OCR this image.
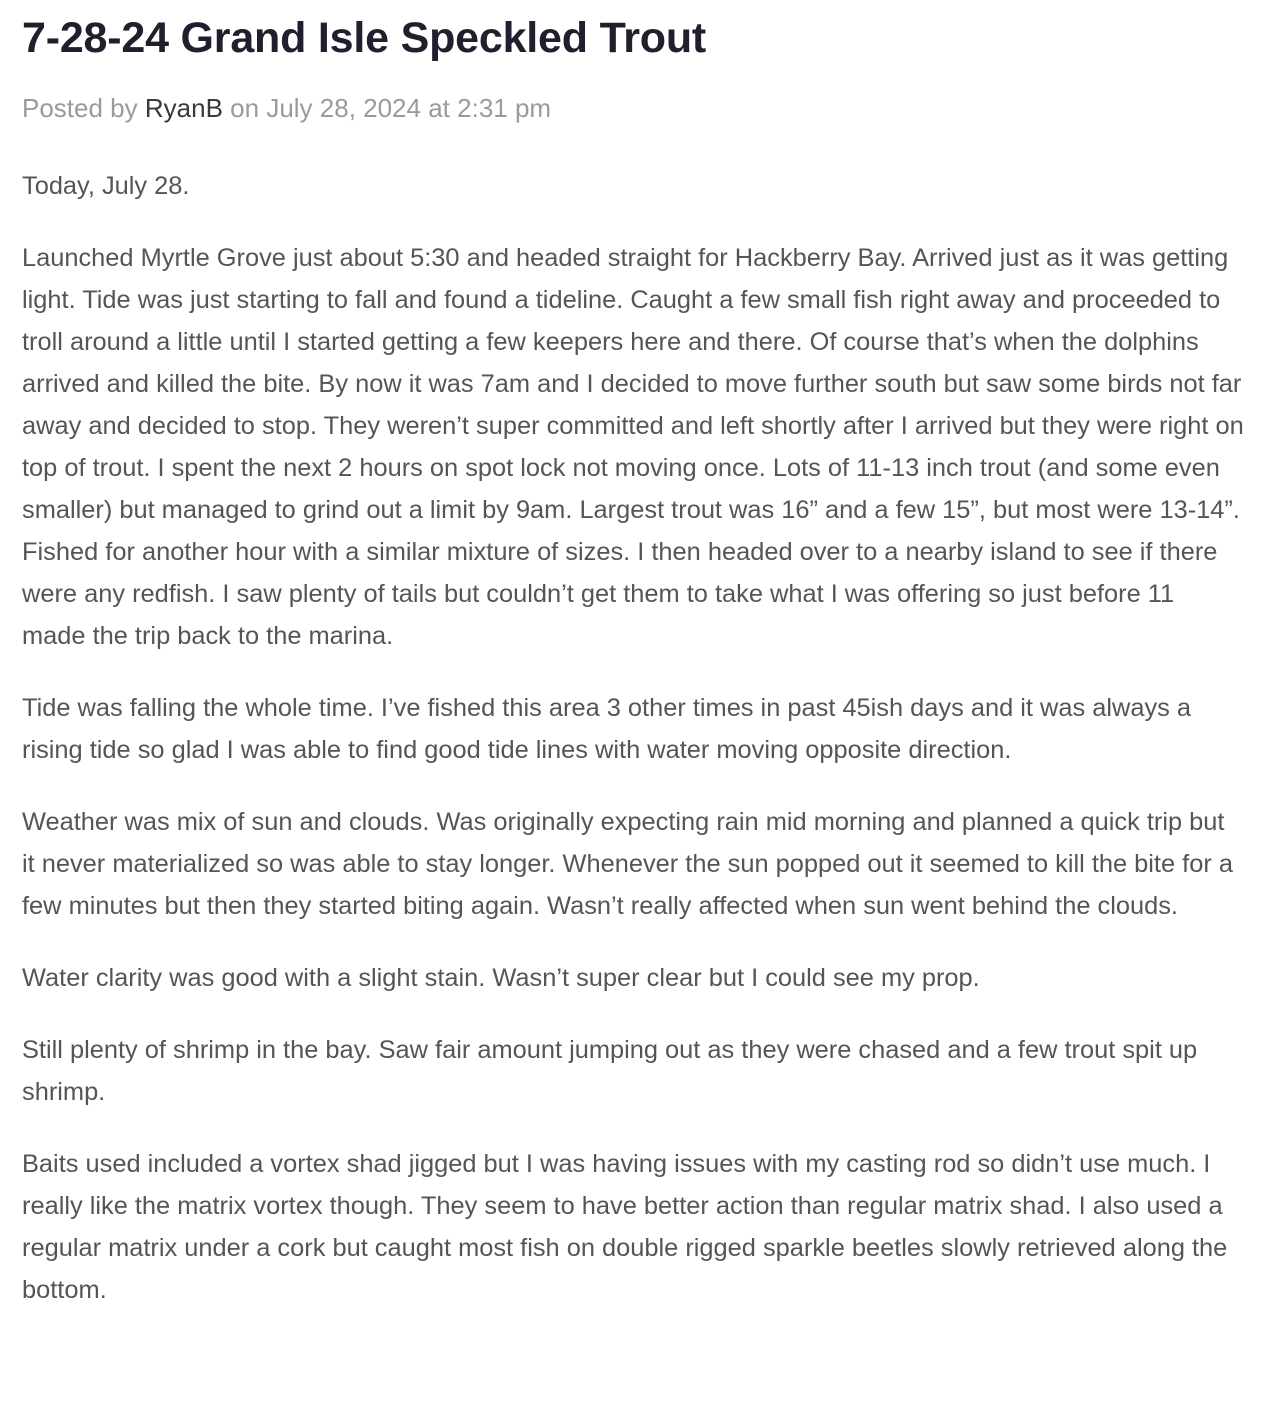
7-28-24 Grand Isle Speckled Trout
Posted by RyanB on July 28, 2024 at 2:31 pm

Today, July 28.

Launched Myrtle Grove just about 5:30 and headed straight for Hackberry Bay. Arrived just as it was getting light. Tide was just starting to fall and found a tideline. Caught a few small fish right away and proceeded to troll around a little until I started getting a few keepers here and there. Of course that’s when the dolphins arrived and killed the bite. By now it was 7am and I decided to move further south but saw some birds not far away and decided to stop. They weren’t super committed and left shortly after I arrived but they were right on top of trout. I spent the next 2 hours on spot lock not moving once. Lots of 11-13 inch trout (and some even smaller) but managed to grind out a limit by 9am. Largest trout was 16” and a few 15”, but most were 13-14”. Fished for another hour with a similar mixture of sizes. I then headed over to a nearby island to see if there were any redfish. I saw plenty of tails but couldn’t get them to take what I was offering so just before 11 made the trip back to the marina.

Tide was falling the whole time. I’ve fished this area 3 other times in past 45ish days and it was always a rising tide so glad I was able to find good tide lines with water moving opposite direction.

Weather was mix of sun and clouds. Was originally expecting rain mid morning and planned a quick trip but it never materialized so was able to stay longer. Whenever the sun popped out it seemed to kill the bite for a few minutes but then they started biting again. Wasn’t really affected when sun went behind the clouds.

Water clarity was good with a slight stain. Wasn’t super clear but I could see my prop.

Still plenty of shrimp in the bay. Saw fair amount jumping out as they were chased and a few trout spit up shrimp.

Baits used included a vortex shad jigged but I was having issues with my casting rod so didn’t use much. I really like the matrix vortex though. They seem to have better action than regular matrix shad. I also used a regular matrix under a cork but caught most fish on double rigged sparkle beetles slowly retrieved along the bottom.
